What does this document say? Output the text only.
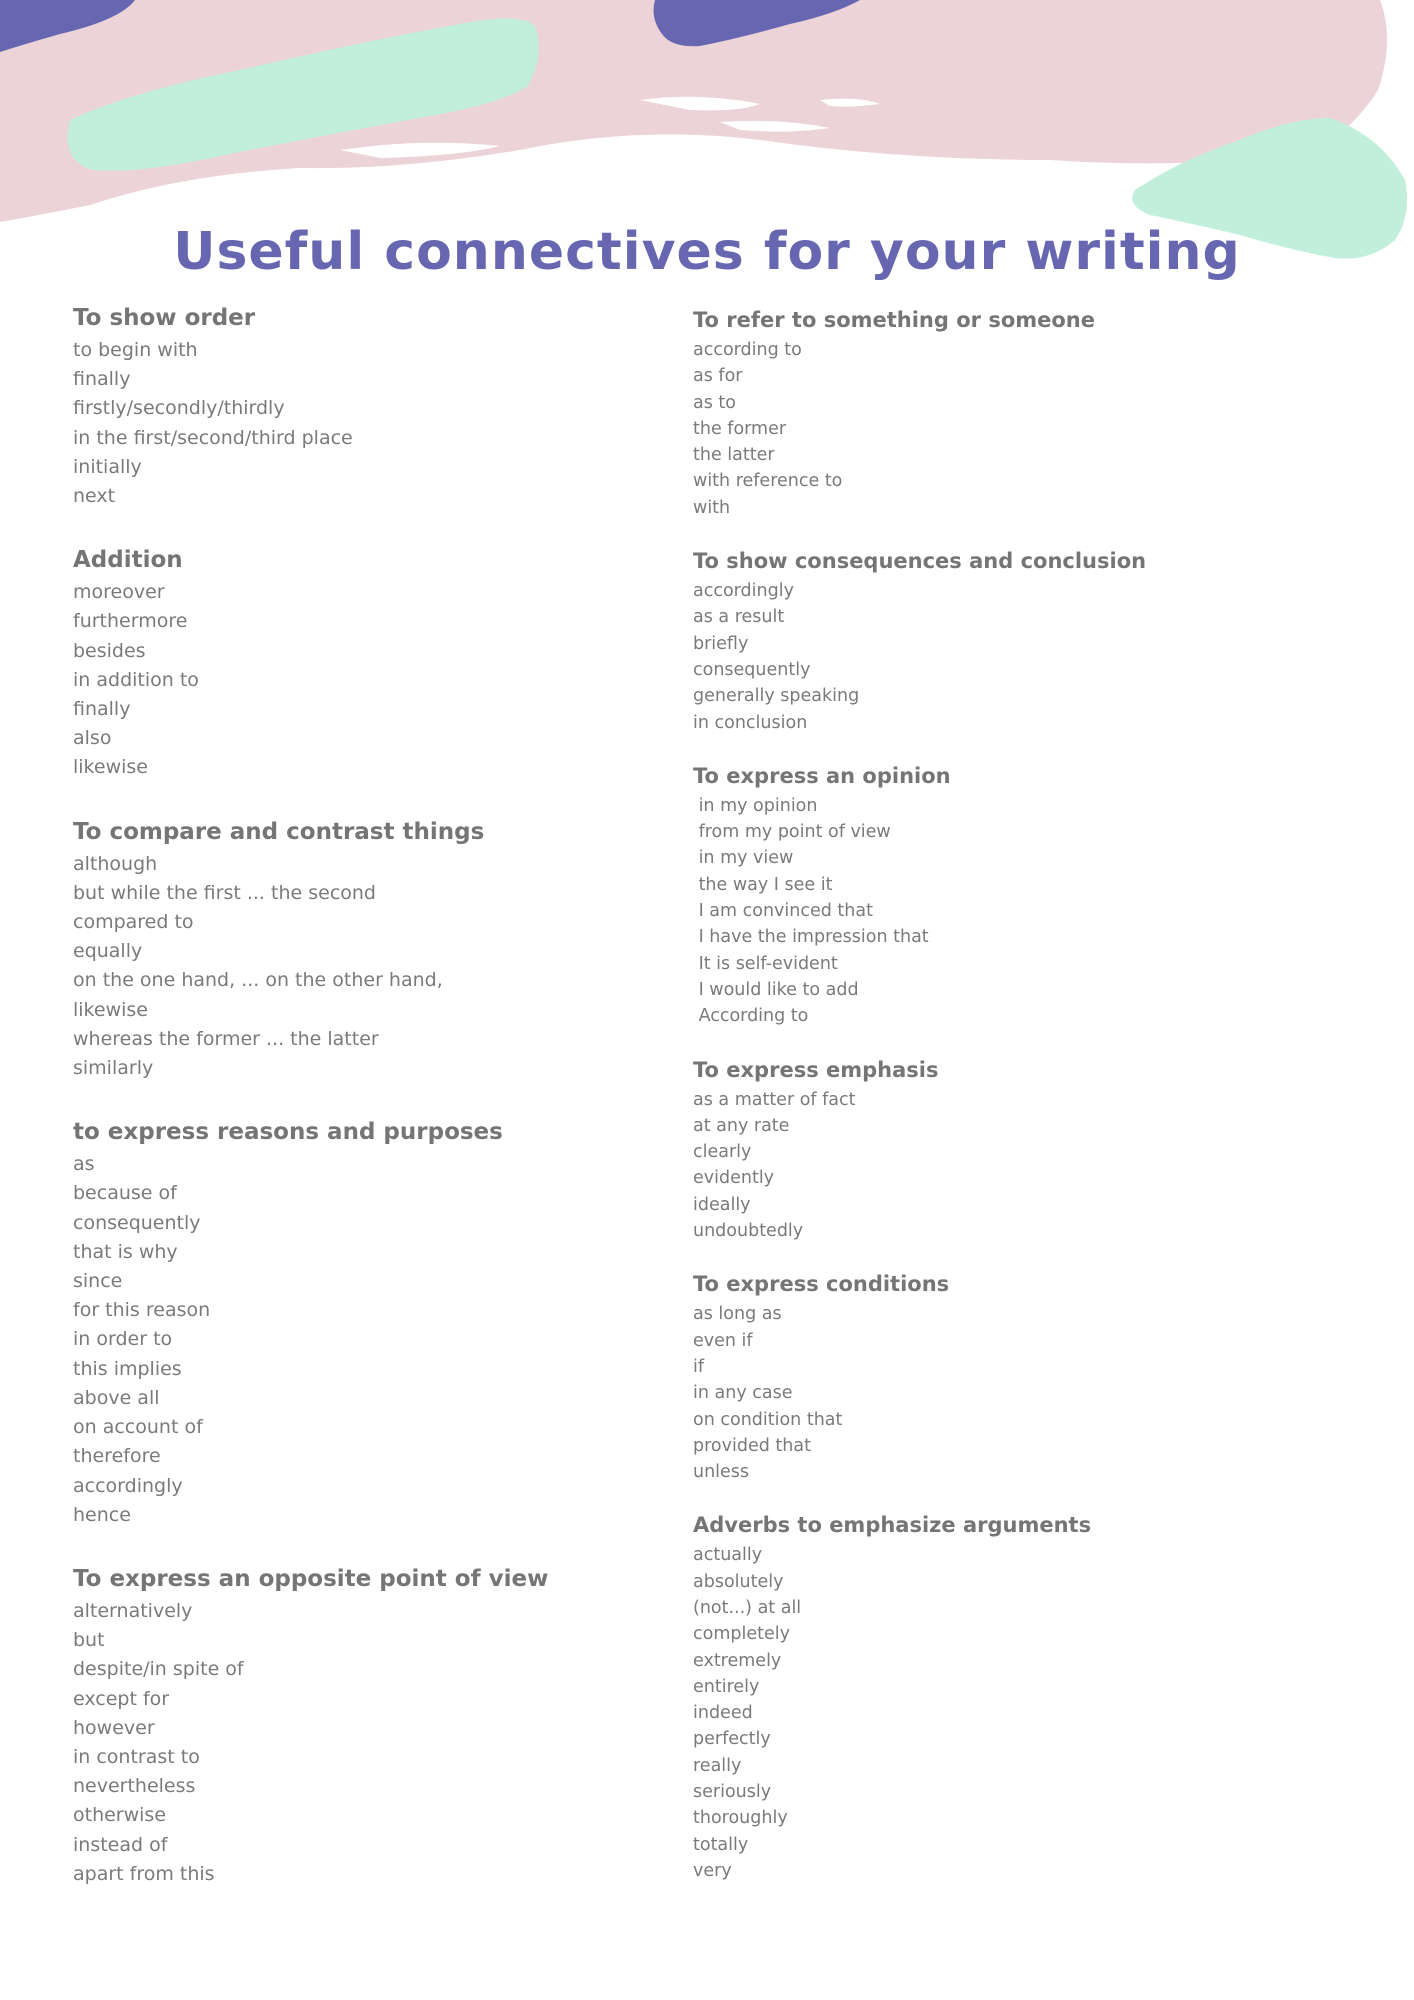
Useful connectives for your writing
To show order
to begin with
finally
firstly/secondly/thirdly
in the first/second/third place
initially
next
Addition
moreover
furthermore
besides
in addition to
finally
also
likewise
To compare and contrast things
although
but while the first ... the second
compared to
equally
on the one hand, ... on the other hand,
likewise
whereas the former ... the latter
similarly
to express reasons and purposes
as
because of
consequently
that is why
since
for this reason
in order to
this implies
above all
on account of
therefore
accordingly
hence
To express an opposite point of view
alternatively
but
despite/in spite of
except for
however
in contrast to
nevertheless
otherwise
instead of
apart from this
To refer to something or someone
according to
as for
as to
the former
the latter
with reference to
with
To show consequences and conclusion
accordingly
as a result
briefly
consequently
generally speaking
in conclusion
To express an opinion
in my opinion
from my point of view
in my view
the way I see it
I am convinced that
I have the impression that
It is self-evident
I would like to add
According to
To express emphasis
as a matter of fact
at any rate
clearly
evidently
ideally
undoubtedly
To express conditions
as long as
even if
if
in any case
on condition that
provided that
unless
Adverbs to emphasize arguments
actually
absolutely
(not...) at all
completely
extremely
entirely
indeed
perfectly
really
seriously
thoroughly
totally
very
